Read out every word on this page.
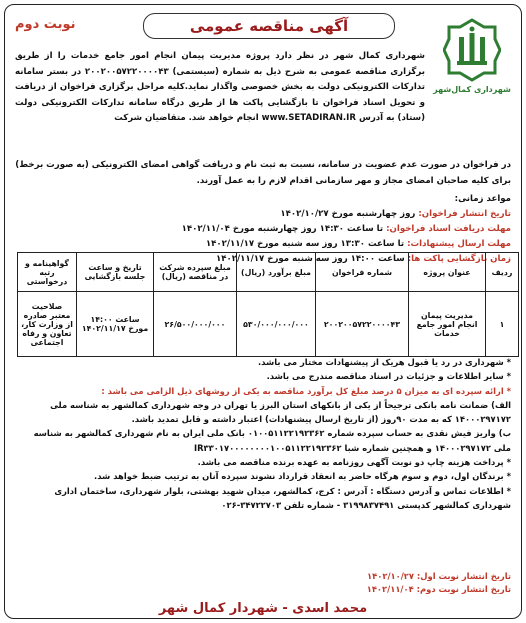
آگهی مناقصه عمومی
نوبت دوم
شهرداری کمال‌شهر
شهرداری کمال شهر در نظر دارد پروژه مدیریت پیمان انجام امور جامع خدمات را از طریق برگزاری مناقصه عمومی به شرح ذیل به شماره (سیستمی) ۲۰۰۲۰۰۵۷۲۲۰۰۰۰۴۳ در بستر سامانه تدارکات الکترونیکی دولت به بخش خصوصی واگذار نماید.کلیه مراحل برگزاری فراخوان از دریافت و تحویل اسناد فراخوان تا بازگشایی پاکت ها از طریق درگاه سامانه تدارکات الکترونیکی دولت (ستاد) به آدرس www.SETADIRAN.IR انجام خواهد شد. متقاضیان شرکت
در فراخوان در صورت عدم عضویت در سامانه، نسبت به ثبت نام و دریافت گواهی امضای الکترونیکی (به صورت برخط) برای کلیه صاحبان امضای مجاز و مهر سازمانی اقدام لازم را به عمل آورند.
مواعد زمانی:
تاریخ انتشار فراخوان: روز چهارشنبه مورخ ۱۴۰۲/۱۰/۲۷
مهلت دریافت اسناد فراخوان: تا ساعت ۱۴:۳۰ روز چهارشنبه مورخ ۱۴۰۲/۱۱/۰۴
مهلت ارسال پیشنهادات: تا ساعت ۱۳:۳۰ روز سه شنبه مورخ ۱۴۰۲/۱۱/۱۷
زمان بازگشایی پاکت ها: ساعت ۱۴:۰۰ روز سه شنبه مورخ ۱۴۰۲/۱۱/۱۷
ردیف	عنوان پروژه	شماره فراخوان	مبلغ برآورد (ریال)	مبلغ سپرده شرکت در مناقصه (ریال)	تاریخ و ساعت جلسه بازگشایی	گواهینامه و رتبه درخواستی
۱	مدیریت پیمان انجام امور جامع خدمات	۲۰۰۲۰۰۵۷۲۲۰۰۰۰۴۳	۵۳۰/۰۰۰/۰۰۰/۰۰۰	۲۶/۵۰۰/۰۰۰/۰۰۰	ساعت ۱۴:۰۰ مورخ ۱۴۰۲/۱۱/۱۷	صلاحیت معتبر صادره از وزارت کار، تعاون و رفاه اجتماعی

* شهرداری در رد یا قبول هریک از پیشنهادات مختار می باشد.

* سایر اطلاعات و جزئیات در اسناد مناقصه مندرج می باشد.

* ارائه سپرده ای به میزان ۵ درصد مبلغ کل برآورد مناقصه به یکی از روشهای ذیل الزامی می باشد :

الف) ضمانت نامه بانکی ترجیحاً از یکی از بانکهای استان البرز یا تهران در وجه شهرداری کمالشهر به شناسه ملی ۱۴۰۰۰۲۹۷۱۷۲ که به مدت ۹۰روز (از تاریخ ارسال پیشنهادات) اعتبار داشته و قابل تمدید باشد.

ب) واریز فیش نقدی به حساب سپرده شماره ۰۱۰۰۵۱۱۲۲۱۹۲۳۶۲ بانک ملی ایران به نام شهرداری کمالشهر به شناسه ملی ۱۴۰۰۰۲۹۷۱۷۲ و همچنین شماره شبا IR۳۳۰۱۷۰۰۰۰۰۰۰۰۱۰۰۵۱۱۲۲۱۹۲۳۶۲

* پرداخت هزینه چاپ دو نوبت آگهی روزنامه به عهده برنده مناقصه می باشد.

* برندگان اول، دوم و سوم هرگاه حاضر به انعقاد قرارداد نشوند سپرده آنان به ترتیب ضبط خواهد شد.

* اطلاعات تماس و آدرس دستگاه : آدرس : کرج، کمالشهر، میدان شهید بهشتی، بلوار شهرداری، ساختمان اداری شهرداری کمالشهر کدپستی ۳۱۹۹۸۳۷۴۹۱ - شماره تلفن ۳۴۷۲۲۷۰۳-۰۲۶

تاریخ انتشار نوبت اول: ۱۴۰۲/۱۰/۲۷
تاریخ انتشار نوبت دوم: ۱۴۰۲/۱۱/۰۴
محمد اسدی - شهردار کمال شهر
